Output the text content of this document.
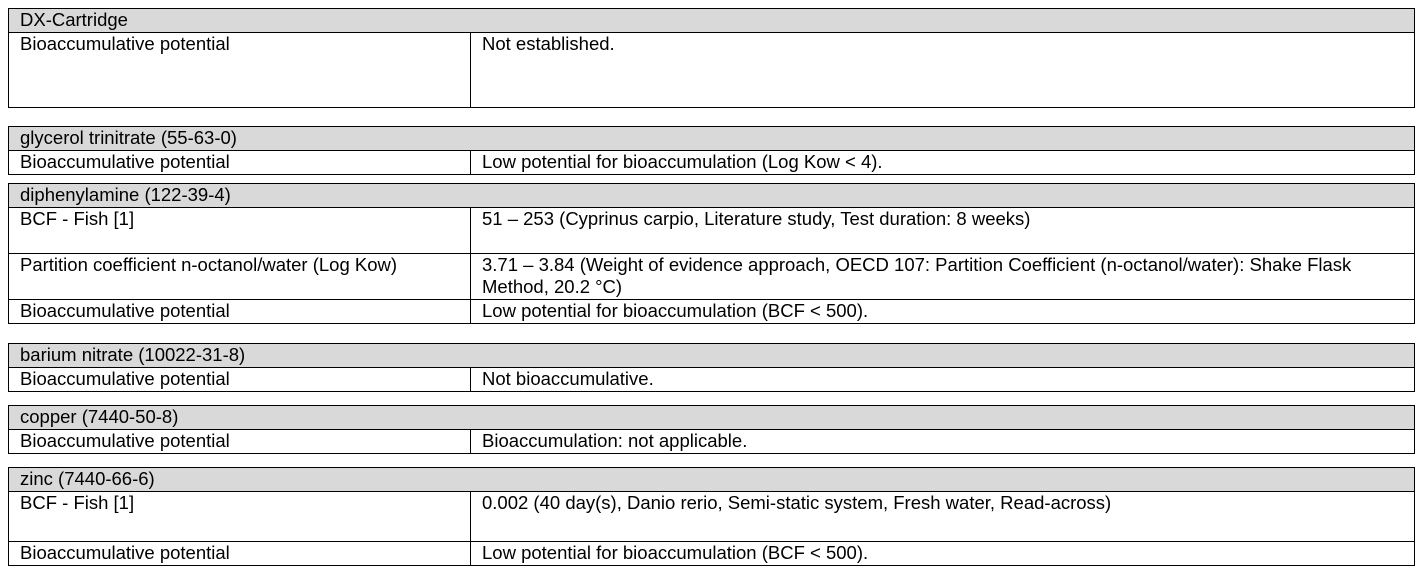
DX-Cartridge
Bioaccumulative potential	Not established.
glycerol trinitrate (55-63-0)
Bioaccumulative potential	Low potential for bioaccumulation (Log Kow < 4).
diphenylamine (122-39-4)	
BCF - Fish [1]	51 – 253 (Cyprinus carpio, Literature study, Test duration: 8 weeks)
Partition coefficient n-octanol/water (Log Kow)	3.71 – 3.84 (Weight of evidence approach, OECD 107: Partition Coefficient (n-octanol/water): Shake Flask Method, 20.2 °C)
Bioaccumulative potential	Low potential for bioaccumulation (BCF < 500).
barium nitrate (10022-31-8)
Bioaccumulative potential	Not bioaccumulative.
copper (7440-50-8)
Bioaccumulative potential	Bioaccumulation: not applicable.
zinc (7440-66-6)	
BCF - Fish [1]	0.002 (40 day(s), Danio rerio, Semi-static system, Fresh water, Read-across)
Bioaccumulative potential	Low potential for bioaccumulation (BCF < 500).
